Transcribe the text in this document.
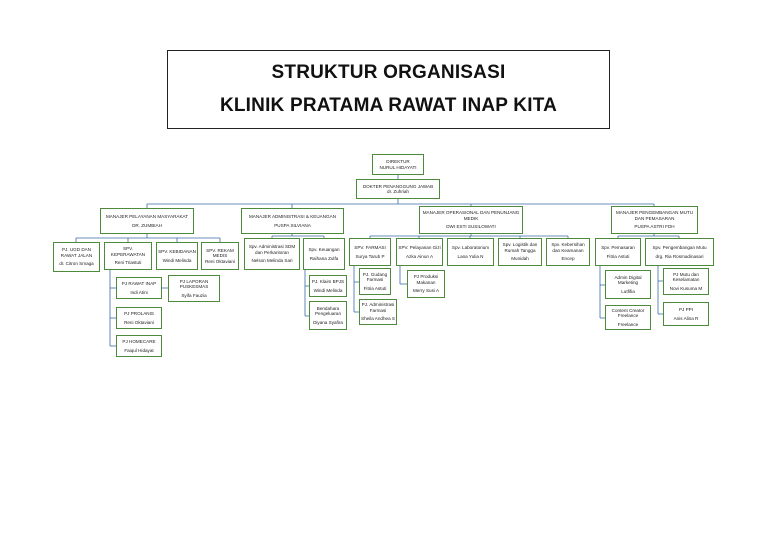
STRUKTUR ORGANISASI
KLINIK PRATAMA RAWAT INAP KITA
DIREKTUR
NURUL HIDAYATI
DOKTER PENANGGUNG JAWAB
dr. Zuhriah
MANAJER PELAYANAN MASYARAKAT
DR. ZUMBIAH
MANAJER ADMINISTRASI & KEUANGAN
PUSPA SILVIANA
MANAJER OPERASIONAL DAN PENUNJANG MEDIK
DWI ESTI SUSILOWATI
MANAJER PENGEMBANGAN MUTU DAN PEMASARAN
PUSPA ASTRI FDH
PJ. UGD DAN RAWAT JALAN
dr. Citron Smaga
SPV. KEPERAWATAN
Reni Triastuti
SPV. KEBIDANAN
Windi Melinda
SPV. REKAM MEDIS
Reni Oktaviani
PJ RAWAT INAP
Indi Atini
PJ LAPORAN PUSKESMAS
Syifa Fauzia
PJ PROLANIS
Reni Oktaviani
PJ HOMECARE
Faiqul Hidayat
Spv. Administrasi SDM dan Perkantoran
Nelson Melinda Sari
Spv. Keuangan
Raihana Zulfa
PJ. Klaim BPJS
Windi Melinda
Bendahara Pengeluaran
Diyana Syafira
SPV. FARMASI
Surya Tarub P
SPV. Pelayanan Gizi
Azka Ainun A
Spv. Laboratorium
Lana Yulia N
Spv. Logistik dan Rumah Tangga
Munidah
Spv. Kebersihan dan Keamanan
Encep
PJ. Gudang Farmasi
Fitria Astuti
PJ. Administrasi Farmasi
Sheila Andhea S
PJ Produksi Makanan
Merry Susi A
Spv. Pemasaran
Fitria Astuti
Spv. Pengembangan Mutu
drg. Ria Rosmadinasari
Admin Digital Marketing
Lutfifia
Content Creator Freelance
Freelance
PJ Mutu dan Keselamatan
Novi Kusuma M
PJ PPI
Anis Alina R
